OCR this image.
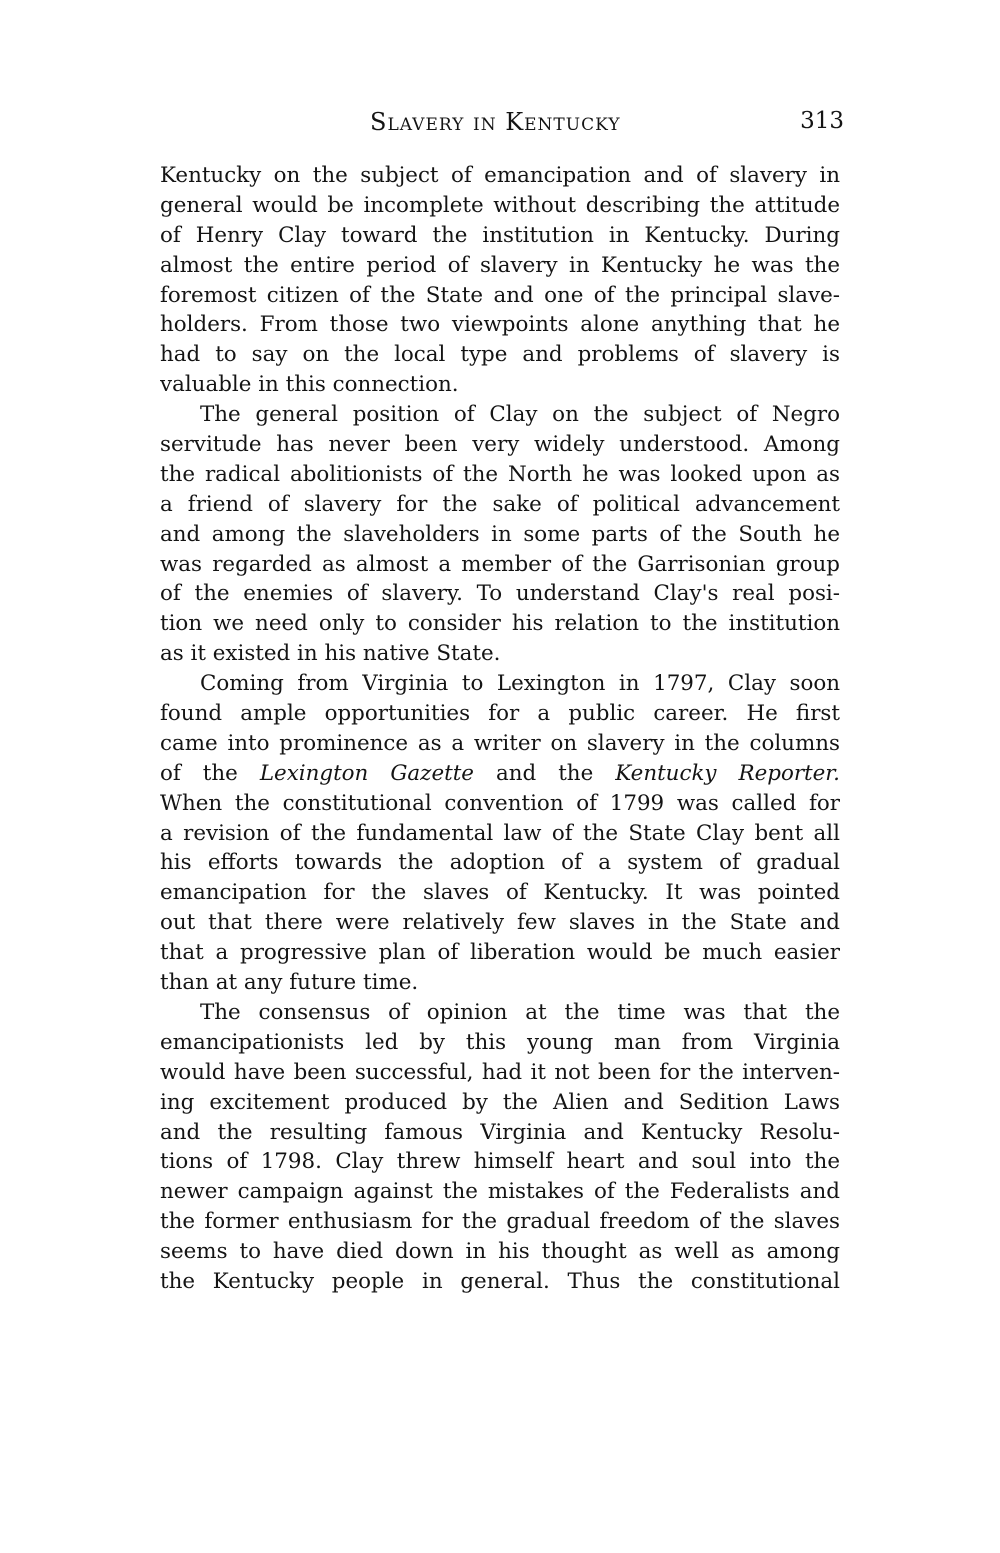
Slavery in Kentucky	313
Kentucky on the subject of emancipation and of slavery in
general would be incomplete without describing the attitude
of Henry Clay toward the institution in Kentucky. During
almost the entire period of slavery in Kentucky he was the
foremost citizen of the State and one of the principal slave-
holders. From those two viewpoints alone anything that he
had to say on the local type and problems of slavery is
valuable in this connection.
The general position of Clay on the subject of Negro
servitude has never been very widely understood. Among
the radical abolitionists of the North he was looked upon as
a friend of slavery for the sake of political advancement
and among the slaveholders in some parts of the South he
was regarded as almost a member of the Garrisonian group
of the enemies of slavery. To understand Clay's real posi-
tion we need only to consider his relation to the institution
as it existed in his native State.
Coming from Virginia to Lexington in 1797, Clay soon
found ample opportunities for a public career. He first
came into prominence as a writer on slavery in the columns
of the Lexington Gazette and the Kentucky Reporter.
When the constitutional convention of 1799 was called for
a revision of the fundamental law of the State Clay bent all
his efforts towards the adoption of a system of gradual
emancipation for the slaves of Kentucky. It was pointed
out that there were relatively few slaves in the State and
that a progressive plan of liberation would be much easier
than at any future time.
The consensus of opinion at the time was that the
emancipationists led by this young man from Virginia
would have been successful, had it not been for the interven-
ing excitement produced by the Alien and Sedition Laws
and the resulting famous Virginia and Kentucky Resolu-
tions of 1798. Clay threw himself heart and soul into the
newer campaign against the mistakes of the Federalists and
the former enthusiasm for the gradual freedom of the slaves
seems to have died down in his thought as well as among
the Kentucky people in general. Thus the constitutional
